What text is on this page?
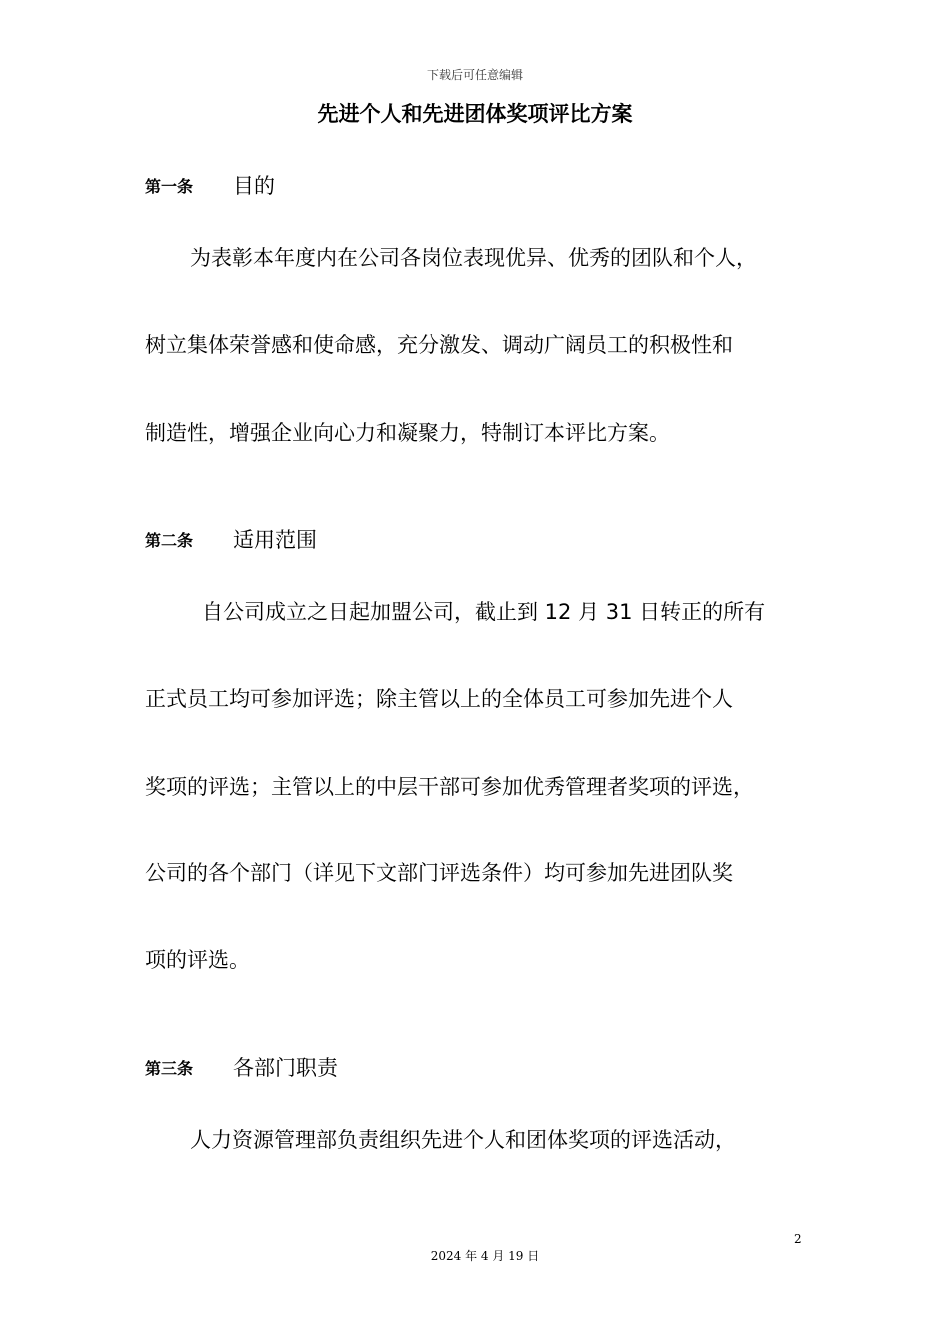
下载后可任意编辑
先进个人和先进团体奖项评比方案
第一条	目的
为表彰本年度内在公司各岗位表现优异、优秀的团队和个人，
树立集体荣誉感和使命感，充分激发、调动广阔员工的积极性和
制造性，增强企业向心力和凝聚力，特制订本评比方案。
第二条	适用范围
自公司成立之日起加盟公司，截止到 12 月 31 日转正的所有
正式员工均可参加评选；除主管以上的全体员工可参加先进个人
奖项的评选；主管以上的中层干部可参加优秀管理者奖项的评选，
公司的各个部门（详见下文部门评选条件）均可参加先进团队奖
项的评选。
第三条	各部门职责
人力资源管理部负责组织先进个人和团体奖项的评选活动，
2
2024 年 4 月 19 日
